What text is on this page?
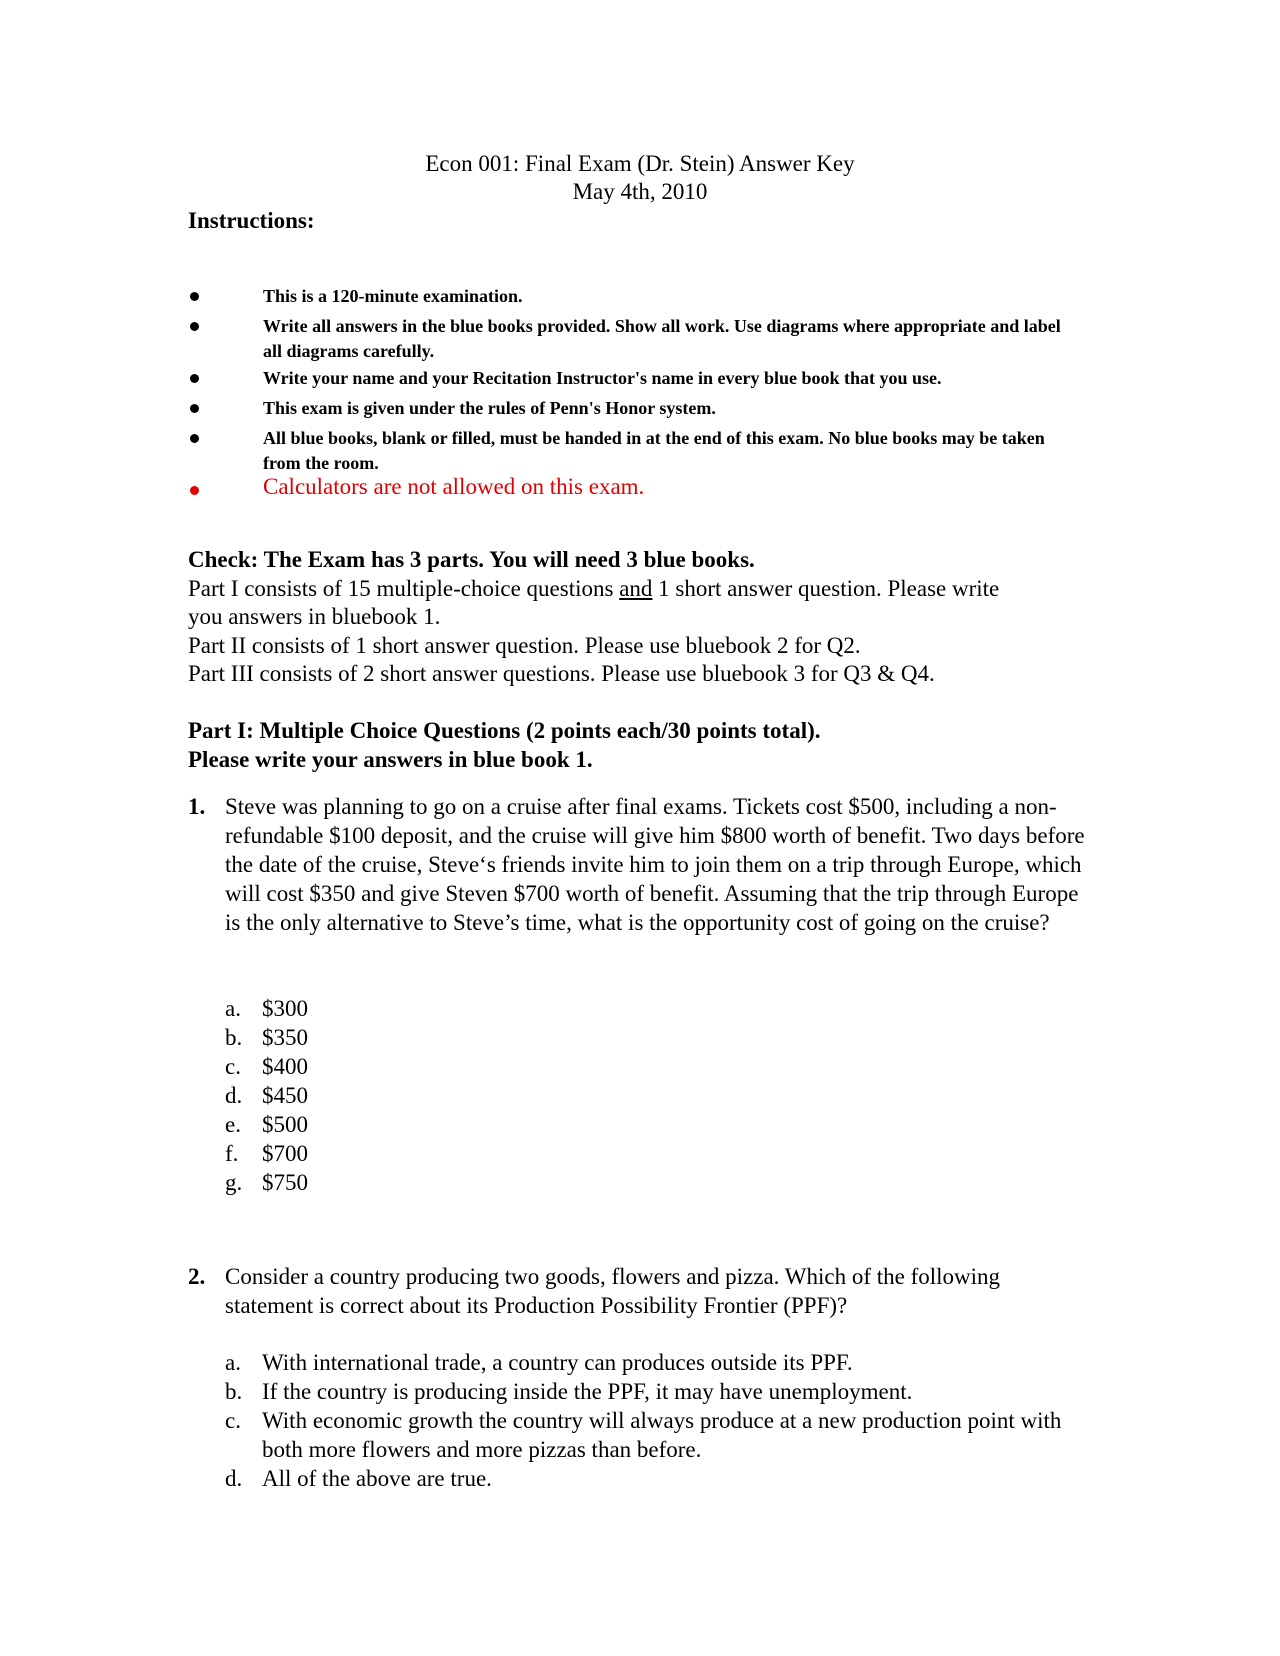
Econ 001: Final Exam (Dr. Stein) Answer Key
May 4th, 2010
Instructions:
This is a 120-minute examination.
Write all answers in the blue books provided. Show all work. Use diagrams where appropriate and label all diagrams carefully.
Write your name and your Recitation Instructor's name in every blue book that you use.
This exam is given under the rules of Penn's Honor system.
All blue books, blank or filled, must be handed in at the end of this exam. No blue books may be taken from the room.
Calculators are not allowed on this exam.
Check: The Exam has 3 parts. You will need 3 blue books.
Part I consists of 15 multiple-choice questions and 1 short answer question. Please write
you answers in bluebook 1.
Part II consists of 1 short answer question. Please use bluebook 2 for Q2.
Part III consists of 2 short answer questions. Please use bluebook 3 for Q3 & Q4.
Part I: Multiple Choice Questions (2 points each/30 points total).
Please write your answers in blue book 1.
1. Steve was planning to go on a cruise after final exams. Tickets cost $500, including a non-refundable $100 deposit, and the cruise will give him $800 worth of benefit. Two days before the date of the cruise, Steve‘s friends invite him to join them on a trip through Europe, which will cost $350 and give Steven $700 worth of benefit. Assuming that the trip through Europe is the only alternative to Steve’s time, what is the opportunity cost of going on the cruise?
a. $300
b. $350
c. $400
d. $450
e. $500
f. $700
g. $750
2. Consider a country producing two goods, flowers and pizza. Which of the following statement is correct about its Production Possibility Frontier (PPF)?
a. With international trade, a country can produces outside its PPF.
b. If the country is producing inside the PPF, it may have unemployment.
c. With economic growth the country will always produce at a new production point with both more flowers and more pizzas than before.
d. All of the above are true.
